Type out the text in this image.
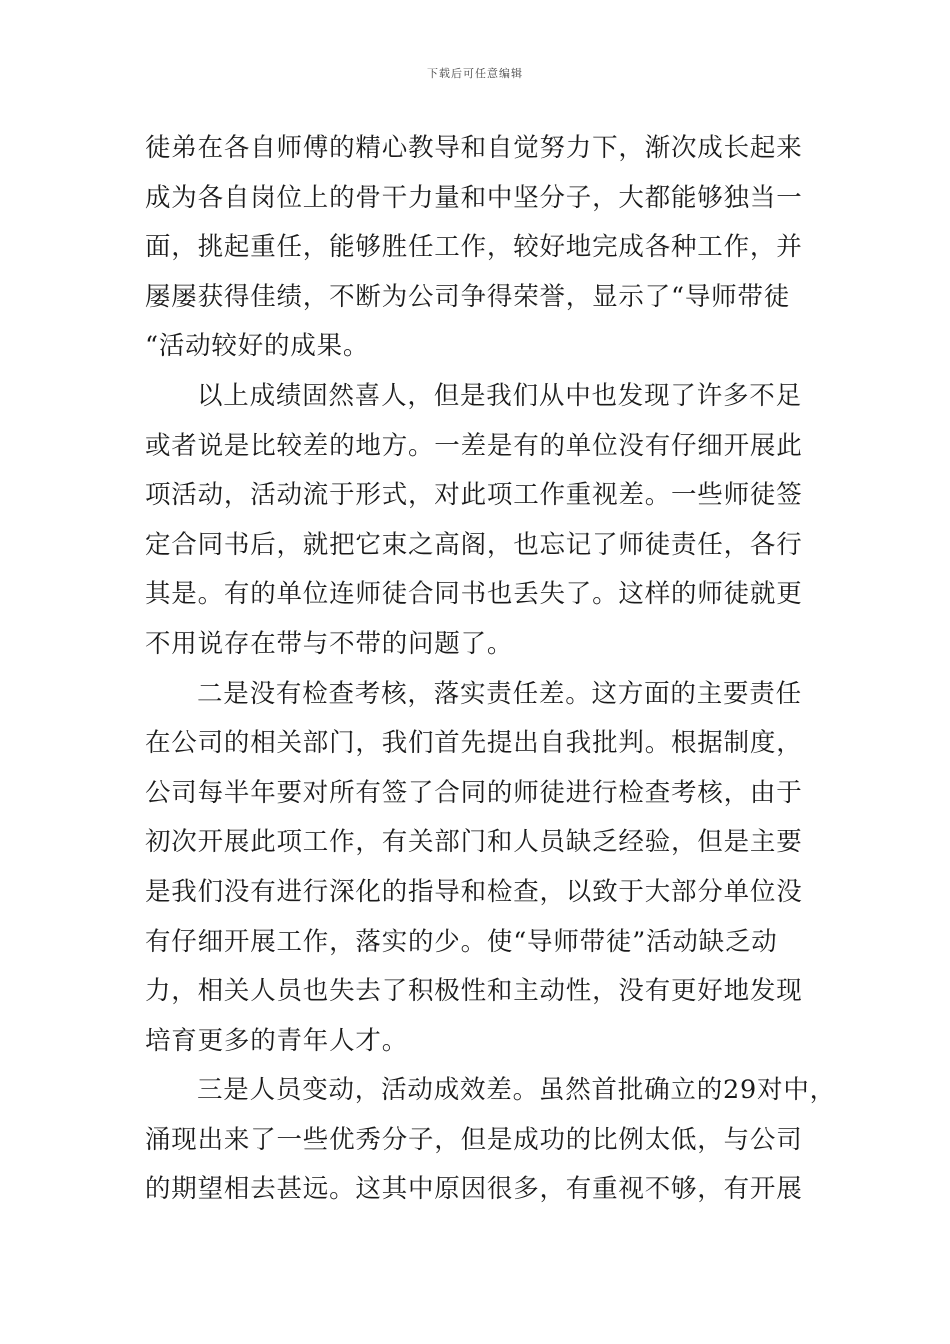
下载后可任意编辑
徒弟在各自师傅的精心教导和自觉努力下，渐次成长起来
成为各自岗位上的骨干力量和中坚分子，大都能够独当一
面，挑起重任，能够胜任工作，较好地完成各种工作，并
屡屡获得佳绩，不断为公司争得荣誉，显示了“导师带徒
“活动较好的成果。
以上成绩固然喜人，但是我们从中也发现了许多不足
或者说是比较差的地方。一差是有的单位没有仔细开展此
项活动，活动流于形式，对此项工作重视差。一些师徒签
定合同书后，就把它束之高阁，也忘记了师徒责任，各行
其是。有的单位连师徒合同书也丢失了。这样的师徒就更
不用说存在带与不带的问题了。
二是没有检查考核，落实责任差。这方面的主要责任
在公司的相关部门，我们首先提出自我批判。根据制度，
公司每半年要对所有签了合同的师徒进行检查考核，由于
初次开展此项工作，有关部门和人员缺乏经验，但是主要
是我们没有进行深化的指导和检查，以致于大部分单位没
有仔细开展工作，落实的少。使“导师带徒”活动缺乏动
力，相关人员也失去了积极性和主动性，没有更好地发现
培育更多的青年人才。
三是人员变动，活动成效差。虽然首批确立的29对中，
涌现出来了一些优秀分子，但是成功的比例太低，与公司
的期望相去甚远。这其中原因很多，有重视不够，有开展
